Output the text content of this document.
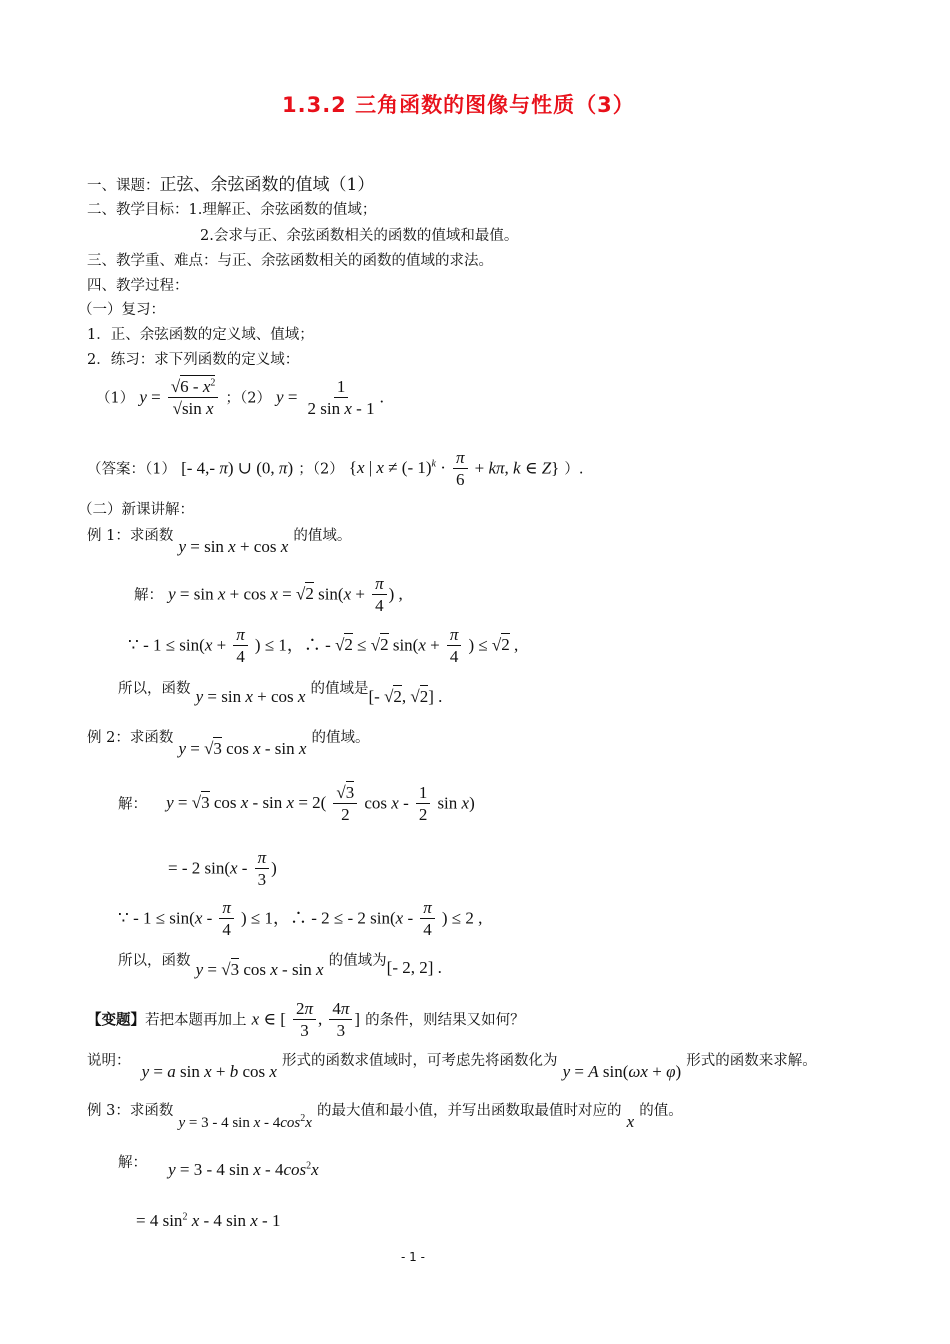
1.3.2 三角函数的图像与性质（3）
一、课题：正弦、余弦函数的值域（1）
二、教学目标：1.理解正、余弦函数的值域；
2.会求与正、余弦函数相关的函数的值域和最值。
三、教学重、难点：与正、余弦函数相关的函数的值域的求法。
四、教学过程：
（一）复习：
1．正、余弦函数的定义域、值域；
2．练习：求下列函数的定义域：
（1） $y = \frac{√6 - x^2}{\text{√sin x}}$ ；（2） $y = \frac{1}{\text{2 sin x - 1}}$ .
（答案：（1） [- 4,- π) ∪ (0, π) ；（2） {x | x ≠ (- $1)^k \cdot \frac{\pi}{6} + k\pi$, k ∈ Z} ）.
（二）新课讲解：
例 1：求函数 y = sin x + cos x 的值域。
解： y = sin x + cos x = √2 $\sin(x + \frac{\pi}{4}$ ) ,
∵ - $1 \le \sin(x + \frac{\pi}{4}$ ) ≤ 1，∴ - √2 ≤ √2 $\sin(x + \frac{\pi}{4}$ ) ≤ √2 ,
所以，函数 y = sin x + cos x 的值域是[- √2, √2] .
例 2：求函数 y = √3 cos x - sin x 的值域。
解： y = √3 $\cos x - \sin x = 2( \frac{√3}{2}$ cos x - $\frac{1}{2}$ sin x)
= - 2 $\sin(x - \frac{\pi}{3}$ )
∵ - $1 \le \sin(x - \frac{\pi}{4}$ ) ≤ 1，∴ - 2 ≤ - 2 $\sin(x - \frac{\pi}{4}$ ) ≤ 2 ,
所以，函数 y = √3 cos x - sin x 的值域为[- 2, 2] .
【变题】若把本题再加上 x ∈ [ $\frac{2\pi}{3}$ , $\frac{4\pi}{3}$ ] 的条件，则结果又如何？
说明： y = a sin x + b cos x 形式的函数求值域时，可考虑先将函数化为 y = A sin(ωx + φ) 形式的函数来求解。
例 3：求函数 y = 3 - 4 sin x - $4\cos^2x$ 的最大值和最小值，并写出函数取最值时对应的 x 的值。
解： y = 3 - 4 sin x - $4\cos^2x$
= 4 $\sin^2 x - 4$ sin x - 1
- 1 -
